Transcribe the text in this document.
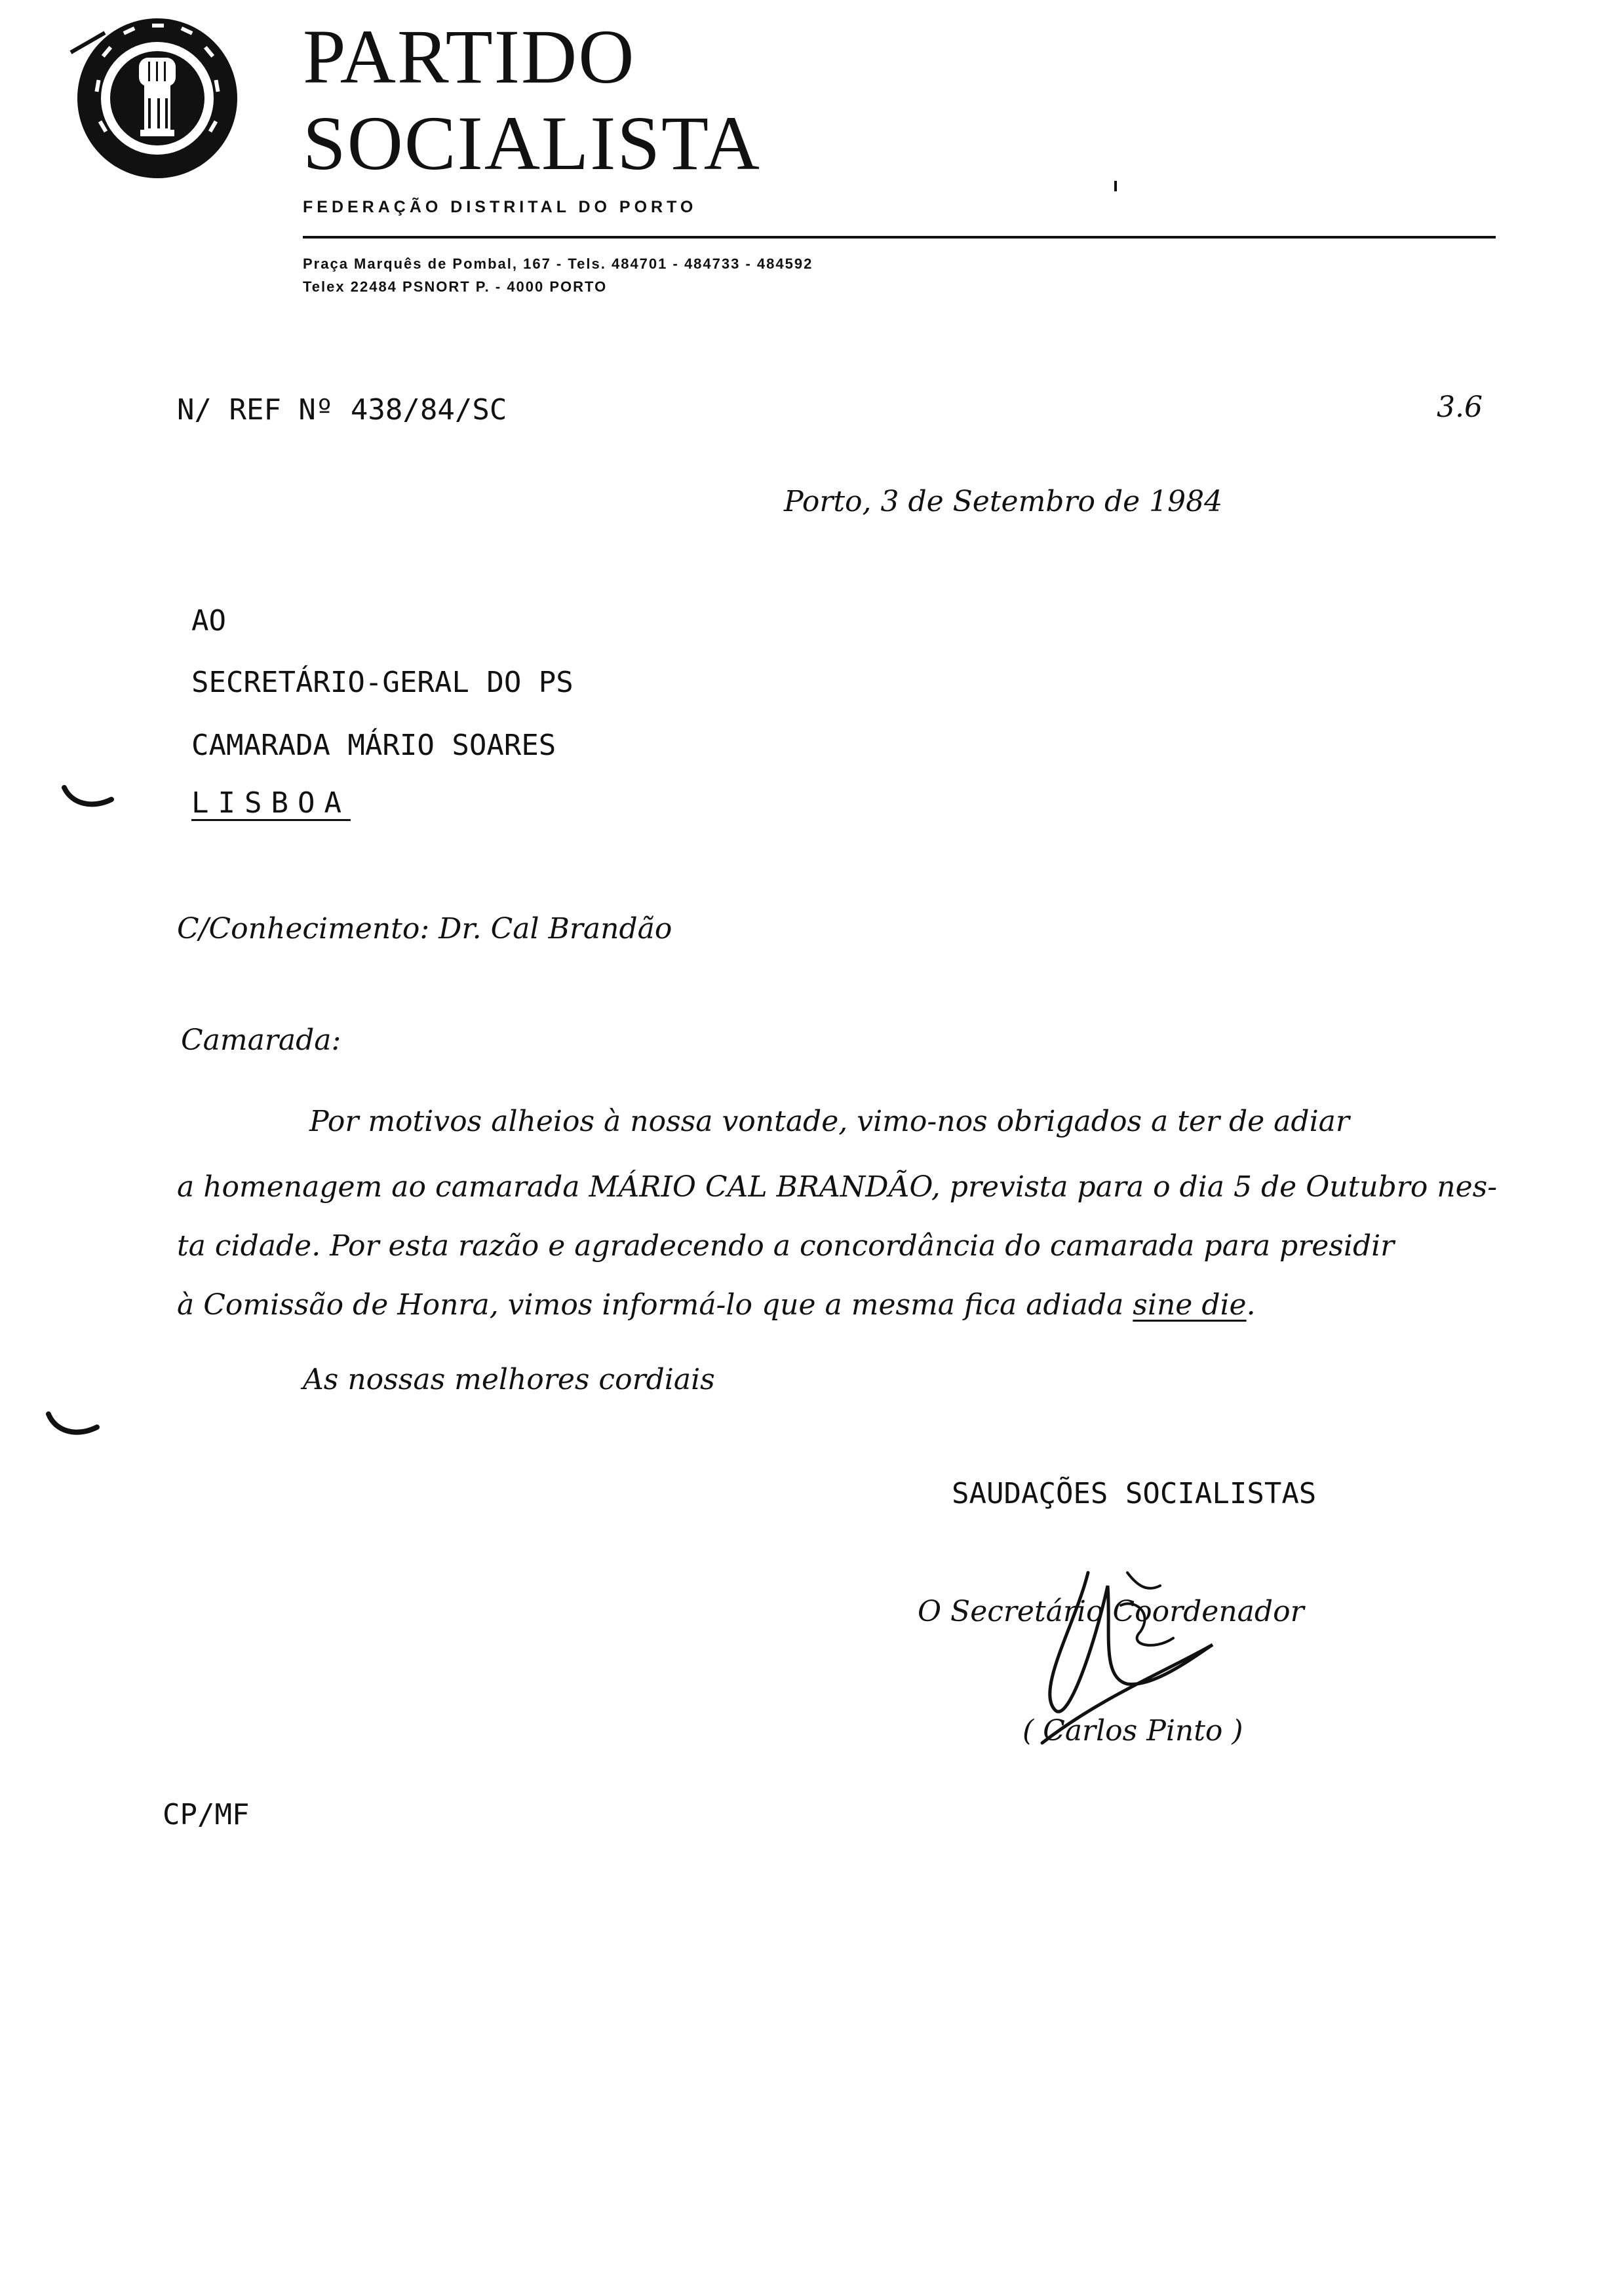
PARTIDO
SOCIALISTA
FEDERAÇÃO DISTRITAL DO PORTO
Praça Marquês de Pombal, 167 - Tels. 484701 - 484733 - 484592
Telex 22484 PSNORT P. - 4000 PORTO
N/ REF Nº 438/84/SC	3.6
Porto, 3 de Setembro de 1984
AO
SECRETÁRIO-GERAL DO PS
CAMARADA MÁRIO SOARES
LISBOA
C/Conhecimento: Dr. Cal Brandão
Camarada:
Por motivos alheios à nossa vontade, vimo-nos obrigados a ter de adiar
a homenagem ao camarada MÁRIO CAL BRANDÃO, prevista para o dia 5 de Outubro nes-
ta cidade. Por esta razão e agradecendo a concordância do camarada para presidir
à Comissão de Honra, vimos informá-lo que a mesma fica adiada sine die.
As nossas melhores cordiais
SAUDAÇÕES SOCIALISTAS
O Secretário Coordenador
( Carlos Pinto )
CP/MF
